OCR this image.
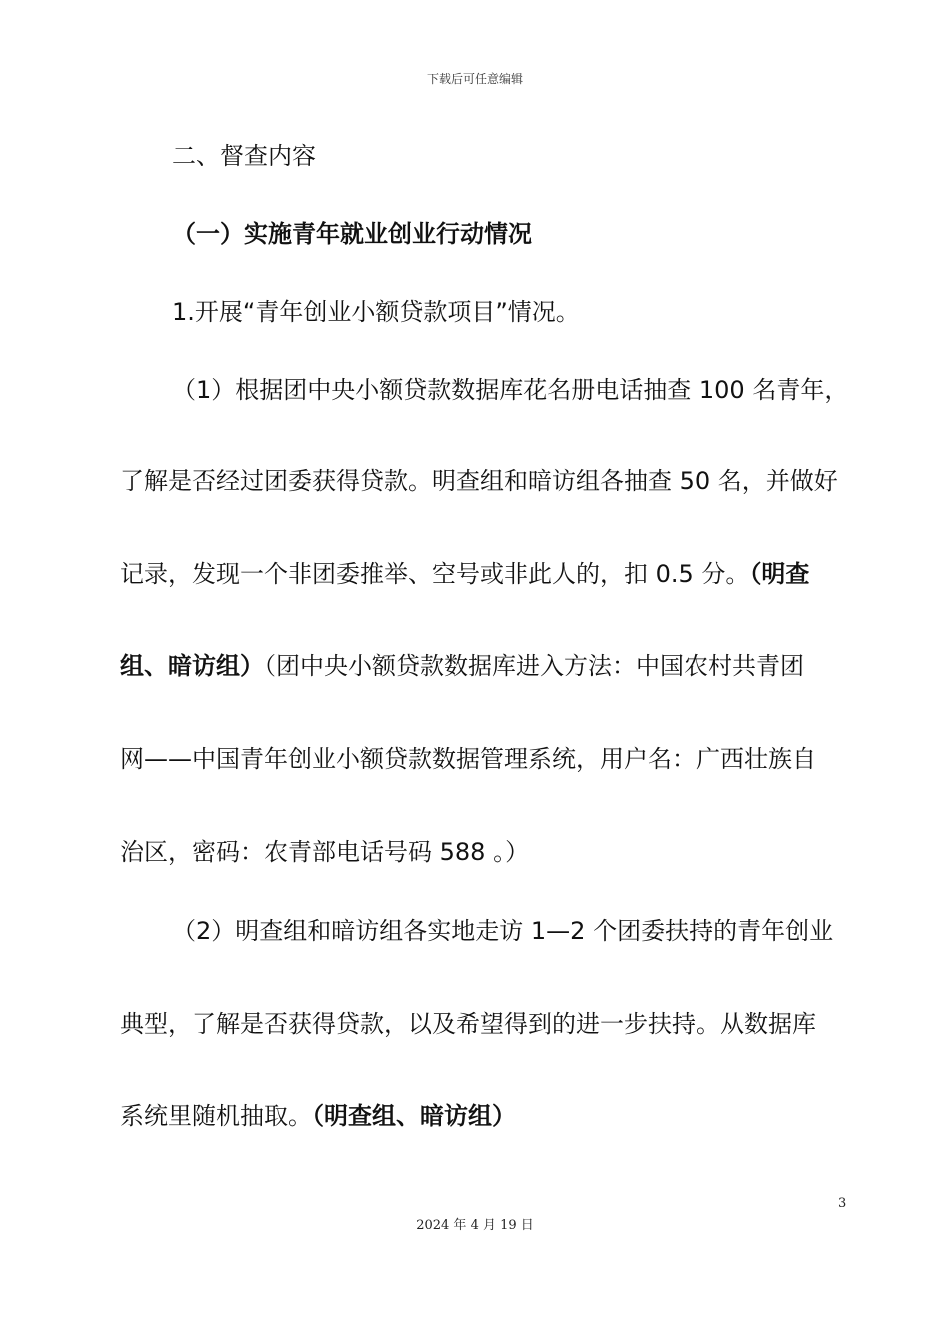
下载后可任意编辑
二、督查内容
（一）实施青年就业创业行动情况
1.开展“青年创业小额贷款项目”情况。
（1）根据团中央小额贷款数据库花名册电话抽查 100 名青年，
了解是否经过团委获得贷款。明查组和暗访组各抽查 50 名，并做好
记录，发现一个非团委推举、空号或非此人的，扣 0.5 分。（明查
组、暗访组）（团中央小额贷款数据库进入方法：中国农村共青团
网——中国青年创业小额贷款数据管理系统，用户名：广西壮族自
治区，密码：农青部电话号码 588 。）
（2）明查组和暗访组各实地走访 1—2 个团委扶持的青年创业
典型，了解是否获得贷款，以及希望得到的进一步扶持。从数据库
系统里随机抽取。（明查组、暗访组）
3
2024 年 4 月 19 日
